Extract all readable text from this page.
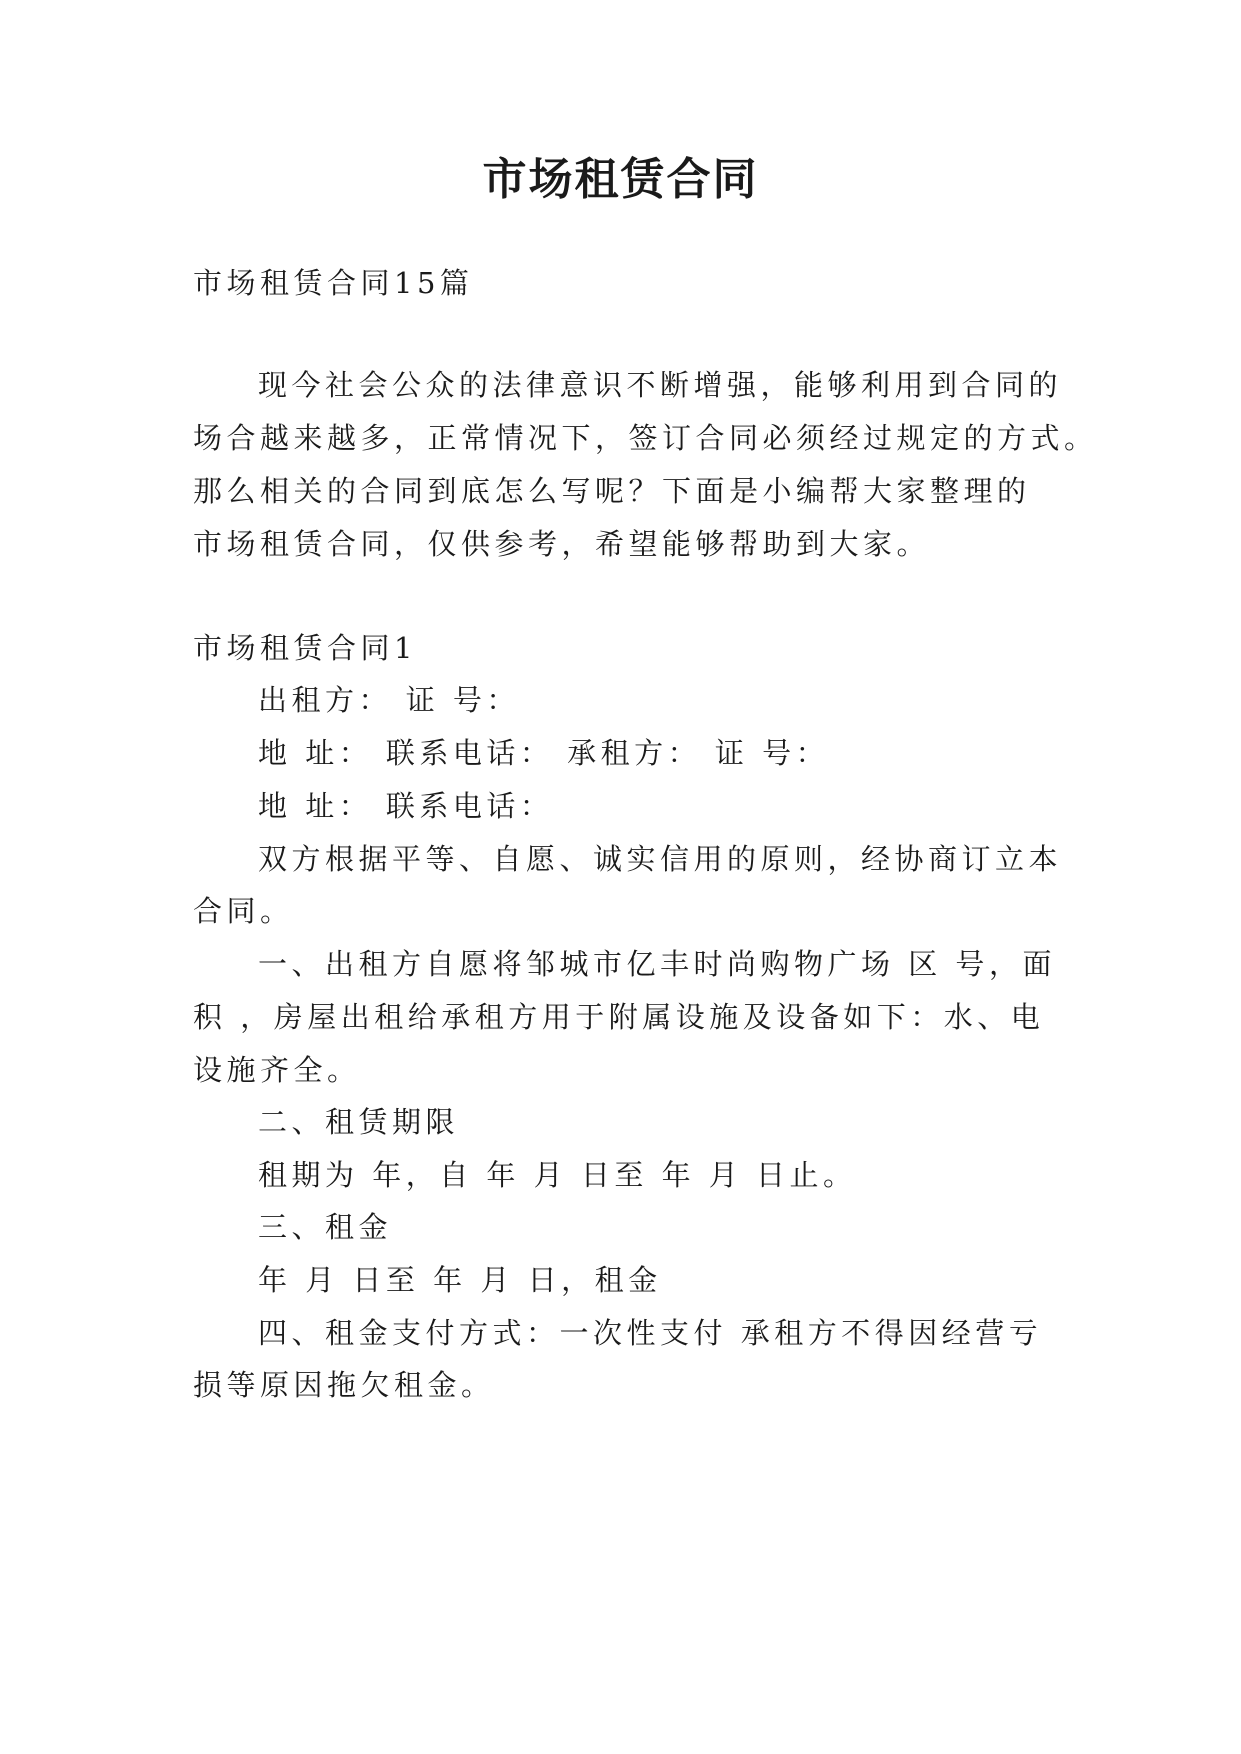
市场租赁合同

市场租赁合同15篇

现今社会公众的法律意识不断增强，能够利用到合同的

场合越来越多，正常情况下，签订合同必须经过规定的方式。

那么相关的合同到底怎么写呢？下面是小编帮大家整理的

市场租赁合同，仅供参考，希望能够帮助到大家。

市场租赁合同1

出租方： 证 号：

地 址： 联系电话： 承租方： 证 号：

地 址： 联系电话：

双方根据平等、自愿、诚实信用的原则，经协商订立本

合同。

一、出租方自愿将邹城市亿丰时尚购物广场 区 号，面

积 ，房屋出租给承租方用于附属设施及设备如下：水、电

设施齐全。

二、租赁期限

租期为 年，自 年 月 日至 年 月 日止。

三、租金

年 月 日至 年 月 日，租金

四、租金支付方式：一次性支付 承租方不得因经营亏

损等原因拖欠租金。
